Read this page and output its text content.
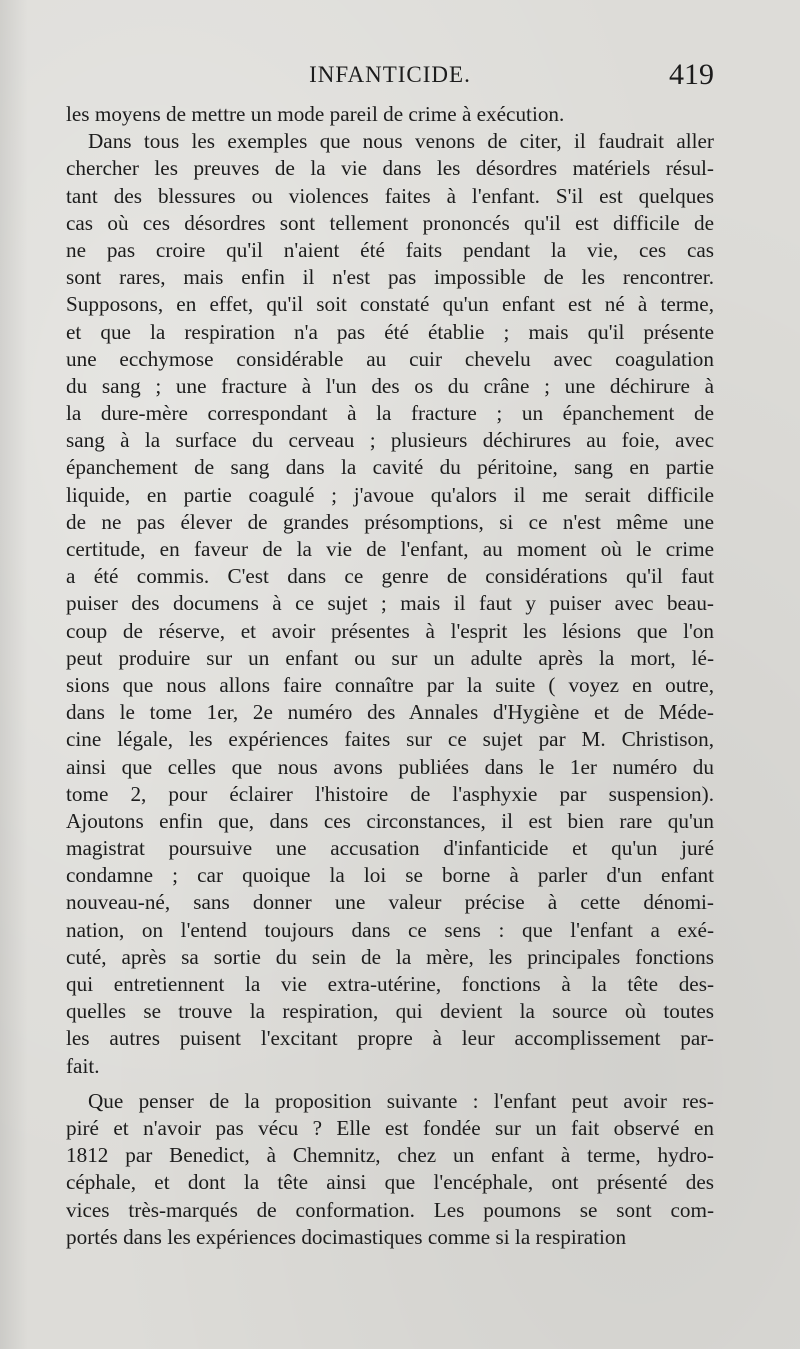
INFANTICIDE.	419
les moyens de mettre un mode pareil de crime à exécution.
Dans tous les exemples que nous venons de citer, il faudrait aller
chercher les preuves de la vie dans les désordres matériels résul-
tant des blessures ou violences faites à l'enfant. S'il est quelques
cas où ces désordres sont tellement prononcés qu'il est difficile de
ne pas croire qu'il n'aient été faits pendant la vie, ces cas
sont rares, mais enfin il n'est pas impossible de les rencontrer.
Supposons, en effet, qu'il soit constaté qu'un enfant est né à terme,
et que la respiration n'a pas été établie ; mais qu'il présente
une ecchymose considérable au cuir chevelu avec coagulation
du sang ; une fracture à l'un des os du crâne ; une déchirure à
la dure-mère correspondant à la fracture ; un épanchement de
sang à la surface du cerveau ; plusieurs déchirures au foie, avec
épanchement de sang dans la cavité du péritoine, sang en partie
liquide, en partie coagulé ; j'avoue qu'alors il me serait difficile
de ne pas élever de grandes présomptions, si ce n'est même une
certitude, en faveur de la vie de l'enfant, au moment où le crime
a été commis. C'est dans ce genre de considérations qu'il faut
puiser des documens à ce sujet ; mais il faut y puiser avec beau-
coup de réserve, et avoir présentes à l'esprit les lésions que l'on
peut produire sur un enfant ou sur un adulte après la mort, lé-
sions que nous allons faire connaître par la suite ( voyez en outre,
dans le tome 1er, 2e numéro des Annales d'Hygiène et de Méde-
cine légale, les expériences faites sur ce sujet par M. Christison,
ainsi que celles que nous avons publiées dans le 1er numéro du
tome 2, pour éclairer l'histoire de l'asphyxie par suspension).
Ajoutons enfin que, dans ces circonstances, il est bien rare qu'un
magistrat poursuive une accusation d'infanticide et qu'un juré
condamne ; car quoique la loi se borne à parler d'un enfant
nouveau-né, sans donner une valeur précise à cette dénomi-
nation, on l'entend toujours dans ce sens : que l'enfant a exé-
cuté, après sa sortie du sein de la mère, les principales fonctions
qui entretiennent la vie extra-utérine, fonctions à la tête des-
quelles se trouve la respiration, qui devient la source où toutes
les autres puisent l'excitant propre à leur accomplissement par-
fait.
Que penser de la proposition suivante : l'enfant peut avoir res-
piré et n'avoir pas vécu ? Elle est fondée sur un fait observé en
1812 par Benedict, à Chemnitz, chez un enfant à terme, hydro-
céphale, et dont la tête ainsi que l'encéphale, ont présenté des
vices très-marqués de conformation. Les poumons se sont com-
portés dans les expériences docimastiques comme si la respiration
